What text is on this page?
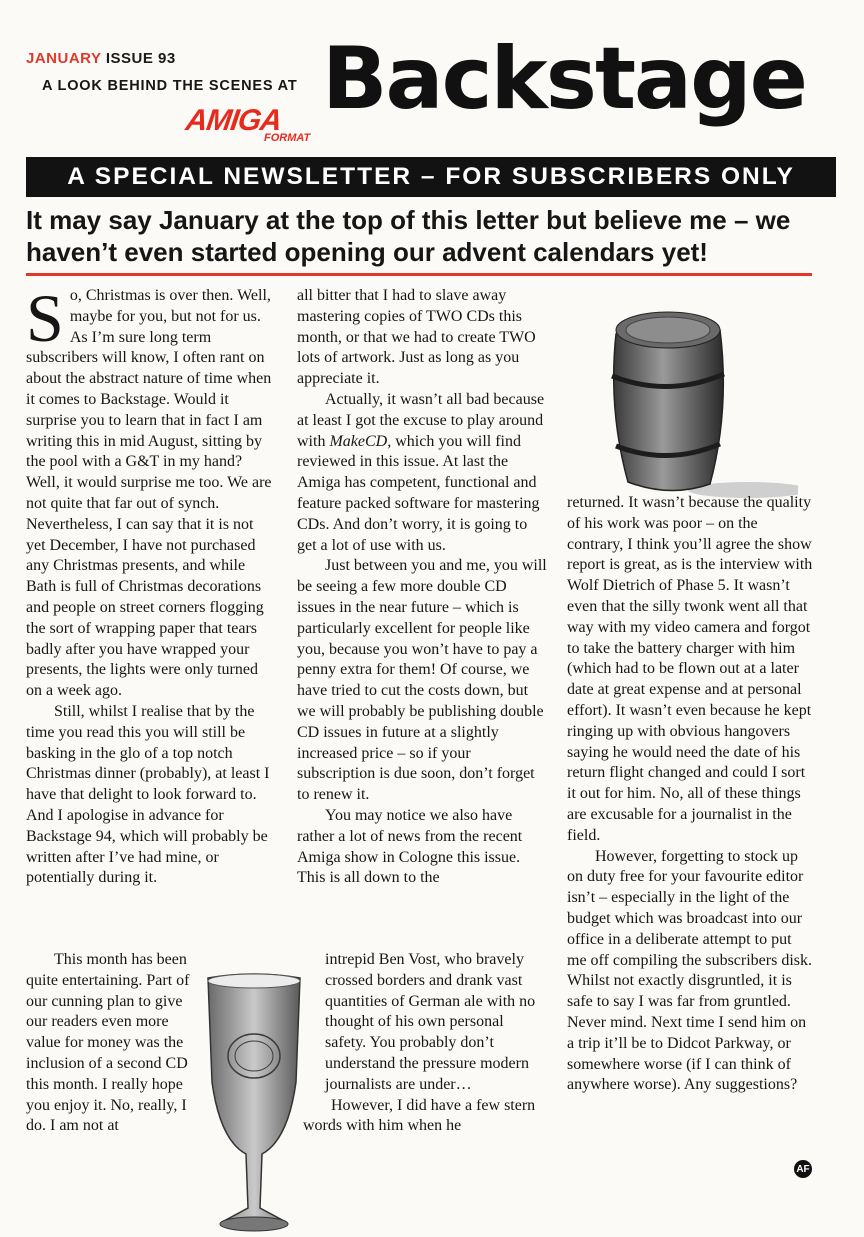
JANUARY ISSUE 93
A LOOK BEHIND THE SCENES AT
AMIGA
FORMAT
Backstage
A SPECIAL NEWSLETTER – FOR SUBSCRIBERS ONLY
It may say January at the top of this letter but believe me – we haven’t even started opening our advent calendars yet!

So, Christmas is over then. Well, maybe for you, but not for us. As I’m sure long term subscribers will know, I often rant on about the abstract nature of time when it comes to Backstage. Would it surprise you to learn that in fact I am writing this in mid August, sitting by the pool with a G&T in my hand? Well, it would surprise me too. We are not quite that far out of synch. Nevertheless, I can say that it is not yet December, I have not purchased any Christmas presents, and while Bath is full of Christmas decorations and people on street corners flogging the sort of wrapping paper that tears badly after you have wrapped your presents, the lights were only turned on a week ago.

Still, whilst I realise that by the time you read this you will still be basking in the glo of a top notch Christmas dinner (probably), at least I have that delight to look forward to. And I apologise in advance for Backstage 94, which will probably be written after I’ve had mine, or potentially during it.

This month has been quite entertaining. Part of our cunning plan to give our readers even more value for money was the inclusion of a second CD this month. I really hope you enjoy it. No, really, I do. I am not at

all bitter that I had to slave away mastering copies of TWO CDs this month, or that we had to create TWO lots of artwork. Just as long as you appreciate it.

Actually, it wasn’t all bad because at least I got the excuse to play around with MakeCD, which you will find reviewed in this issue. At last the Amiga has competent, functional and feature packed software for mastering CDs. And don’t worry, it is going to get a lot of use with us.

Just between you and me, you will be seeing a few more double CD issues in the near future – which is particularly excellent for people like you, because you won’t have to pay a penny extra for them! Of course, we have tried to cut the costs down, but we will probably be publishing double CD issues in future at a slightly increased price – so if your subscription is due soon, don’t forget to renew it.

You may notice we also have rather a lot of news from the recent Amiga show in Cologne this issue. This is all down to the

intrepid Ben Vost, who bravely crossed borders and drank vast quantities of German ale with no thought of his own personal safety. You probably don’t understand the pressure modern journalists are under…

However, I did have a few stern words with him when he

returned. It wasn’t because the quality of his work was poor – on the contrary, I think you’ll agree the show report is great, as is the interview with Wolf Dietrich of Phase 5. It wasn’t even that the silly twonk went all that way with my video camera and forgot to take the battery charger with him (which had to be flown out at a later date at great expense and at personal effort). It wasn’t even because he kept ringing up with obvious hangovers saying he would need the date of his return flight changed and could I sort it out for him. No, all of these things are excusable for a journalist in the field.

However, forgetting to stock up on duty free for your favourite editor isn’t – especially in the light of the budget which was broadcast into our office in a deliberate attempt to put me off compiling the subscribers disk. Whilst not exactly disgruntled, it is safe to say I was far from gruntled. Never mind. Next time I send him on a trip it’ll be to Didcot Parkway, or somewhere worse (if I can think of anywhere worse). Any suggestions?

AF
